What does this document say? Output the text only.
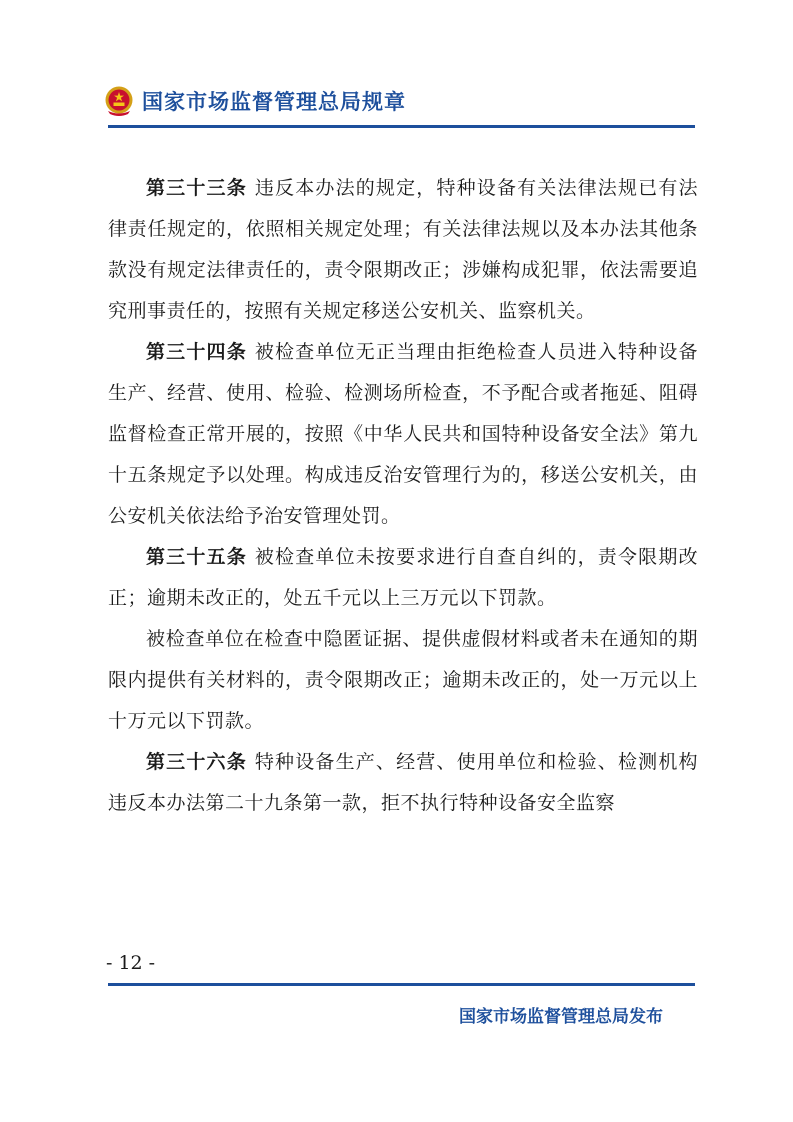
国家市场监督管理总局规章

第三十三条 违反本办法的规定，特种设备有关法律法规已有法律责任规定的，依照相关规定处理；有关法律法规以及本办法其他条款没有规定法律责任的，责令限期改正；涉嫌构成犯罪，依法需要追究刑事责任的，按照有关规定移送公安机关、监察机关。

第三十四条 被检查单位无正当理由拒绝检查人员进入特种设备生产、经营、使用、检验、检测场所检查，不予配合或者拖延、阻碍监督检查正常开展的，按照《中华人民共和国特种设备安全法》第九十五条规定予以处理。构成违反治安管理行为的，移送公安机关，由公安机关依法给予治安管理处罚。

第三十五条 被检查单位未按要求进行自查自纠的，责令限期改正；逾期未改正的，处五千元以上三万元以下罚款。

被检查单位在检查中隐匿证据、提供虚假材料或者未在通知的期限内提供有关材料的，责令限期改正；逾期未改正的，处一万元以上十万元以下罚款。

第三十六条 特种设备生产、经营、使用单位和检验、检测机构违反本办法第二十九条第一款，拒不执行特种设备安全监察

- 12 -
国家市场监督管理总局发布
